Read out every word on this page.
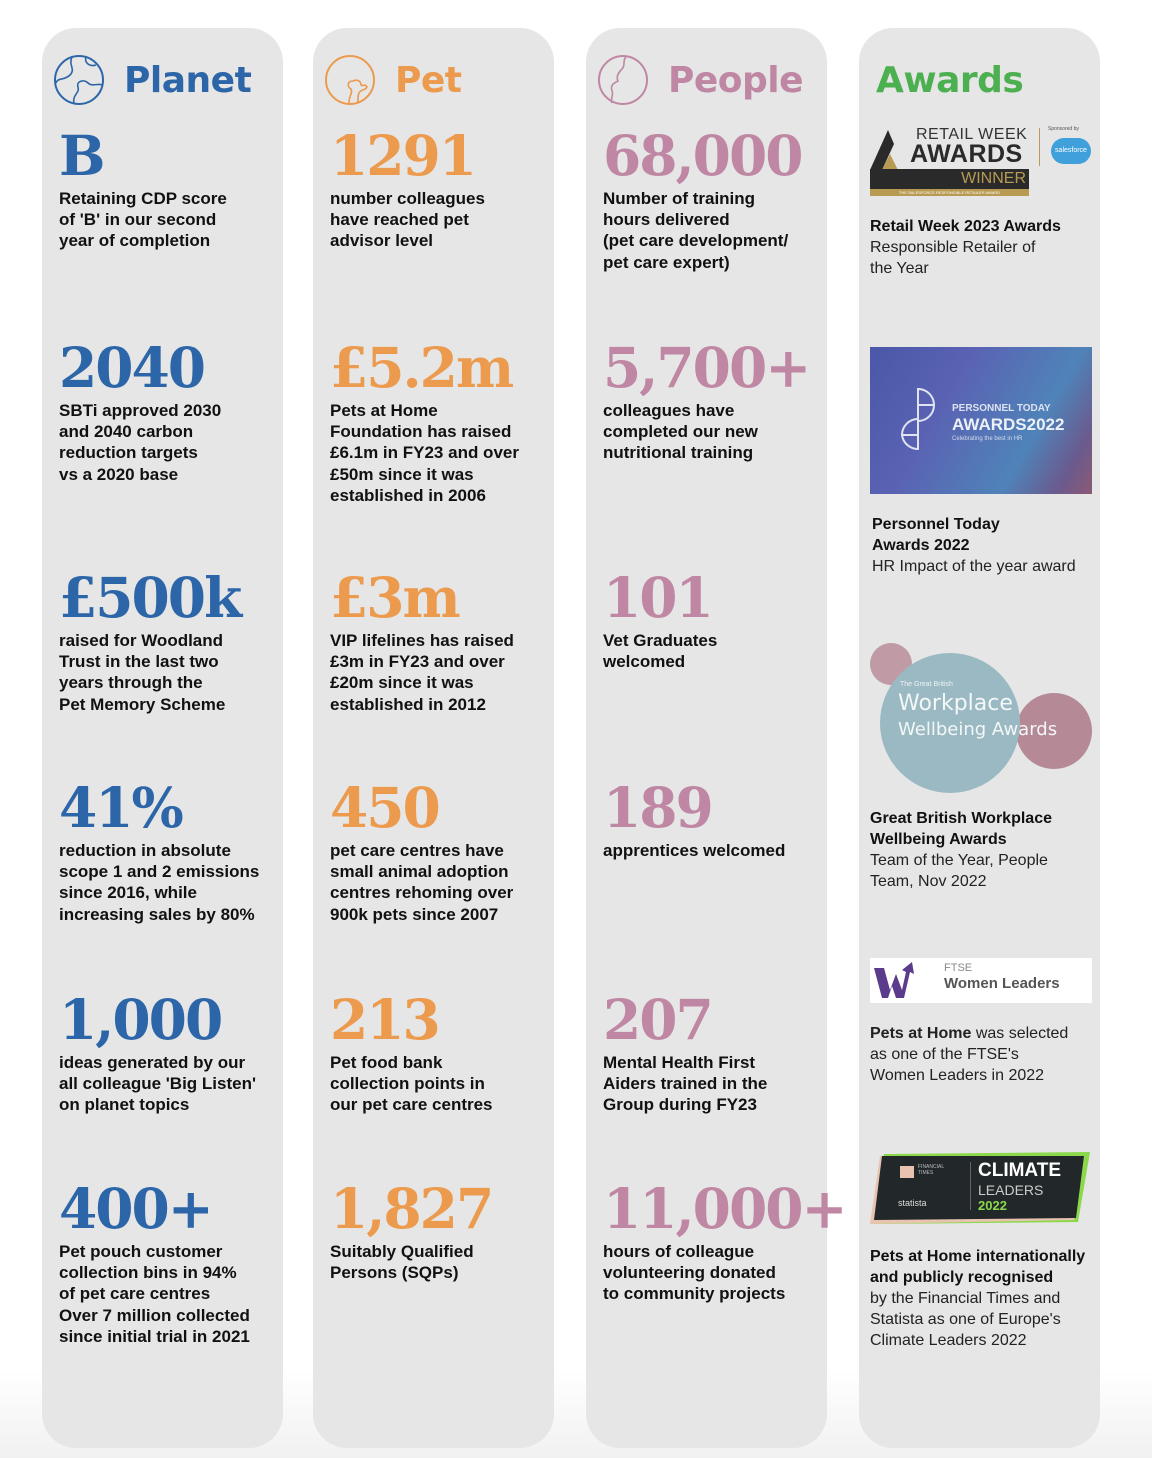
Planet
B
Retaining CDP score
of 'B' in our second
year of completion
2040
SBTi approved 2030
and 2040 carbon
reduction targets
vs a 2020 base
£500k
raised for Woodland
Trust in the last two
years through the
Pet Memory Scheme
41%
reduction in absolute
scope 1 and 2 emissions
since 2016, while
increasing sales by 80%
1,000
ideas generated by our
all colleague 'Big Listen'
on planet topics
400+
Pet pouch customer
collection bins in 94%
of pet care centres
Over 7 million collected
since initial trial in 2021
Pet
1291
number colleagues
have reached pet
advisor level
£5.2m
Pets at Home
Foundation has raised
£6.1m in FY23 and over
£50m since it was
established in 2006
£3m
VIP lifelines has raised
£3m in FY23 and over
£20m since it was
established in 2012
450
pet care centres have
small animal adoption
centres rehoming over
900k pets since 2007
213
Pet food bank
collection points in
our pet care centres
1,827
Suitably Qualified
Persons (SQPs)
People
68,000
Number of training
hours delivered
(pet care development/
pet care expert)
5,700+
colleagues have
completed our new
nutritional training
101
Vet Graduates
welcomed
189
apprentices welcomed
207
Mental Health First
Aiders trained in the
Group during FY23
11,000+
hours of colleague
volunteering donated
to community projects
Awards
RETAIL WEEK
AWARDS
WINNER
THE SALESFORCE RESPONSIBLE RETAILER AWARD
Sponsored by
salesforce
Retail Week 2023 Awards
Responsible Retailer of
the Year
PERSONNEL TODAY
AWARDS2022
Celebrating the best in HR
Personnel Today
Awards 2022
HR Impact of the year award
The Great British
Workplace
Wellbeing Awards
Great British Workplace
Wellbeing Awards
Team of the Year, People
Team, Nov 2022
FTSE
Women Leaders
Pets at Home was selected
as one of the FTSE's
Women Leaders in 2022
FINANCIAL TIMES
statista
CLIMATE
LEADERS
2022
Pets at Home internationally
and publicly recognised
by the Financial Times and
Statista as one of Europe's
Climate Leaders 2022
